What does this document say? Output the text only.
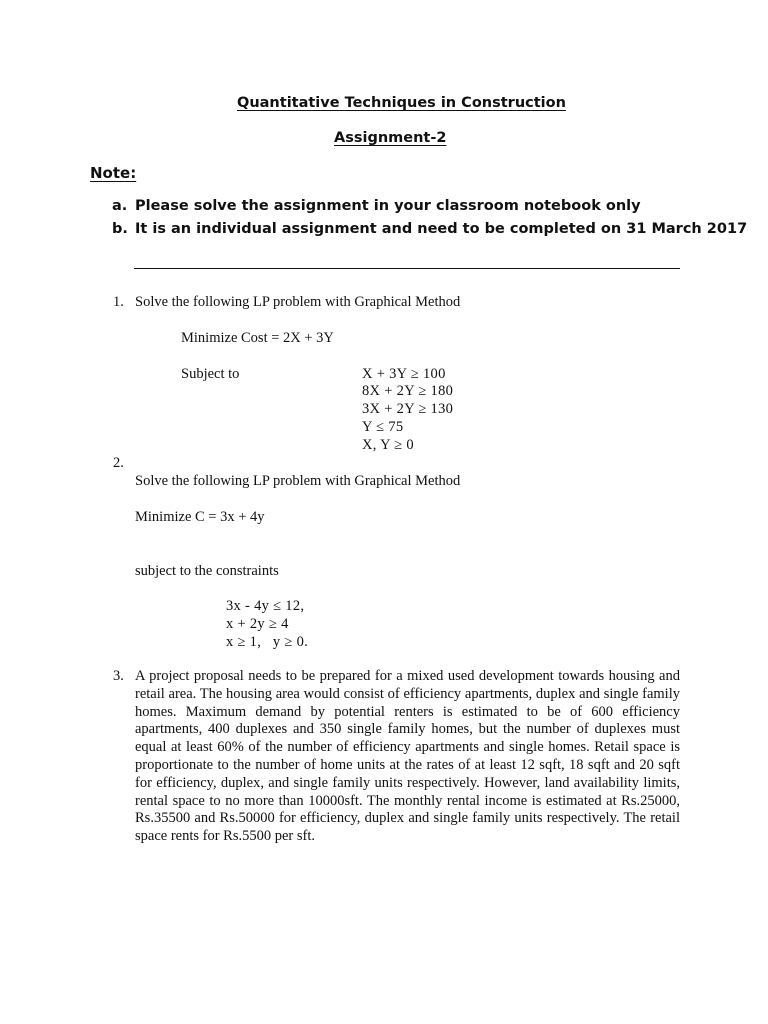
Quantitative Techniques in Construction
Assignment-2
Note:
a. Please solve the assignment in your classroom notebook only
b. It is an individual assignment and need to be completed on 31 March 2017
1. Solve the following LP problem with Graphical Method
Minimize Cost = 2X + 3Y
Subject to	X + 3Y ≥ 100
8X + 2Y ≥ 180
3X + 2Y ≥ 130
Y ≤ 75
X, Y ≥ 0
2.
Solve the following LP problem with Graphical Method
Minimize C = 3x + 4y
subject to the constraints
3x - 4y ≤ 12,
x + 2y ≥ 4
x ≥ 1,   y ≥ 0.
3. A project proposal needs to be prepared for a mixed used development towards housing and retail area. The housing area would consist of efficiency apartments, duplex and single family homes. Maximum demand by potential renters is estimated to be of 600 efficiency apartments, 400 duplexes and 350 single family homes, but the number of duplexes must equal at least 60% of the number of efficiency apartments and single homes. Retail space is proportionate to the number of home units at the rates of at least 12 sqft, 18 sqft and 20 sqft for efficiency, duplex, and single family units respectively. However, land availability limits, rental space to no more than 10000sft. The monthly rental income is estimated at Rs.25000, Rs.35500 and Rs.50000 for efficiency, duplex and single family units respectively. The retail space rents for Rs.5500 per sft.
